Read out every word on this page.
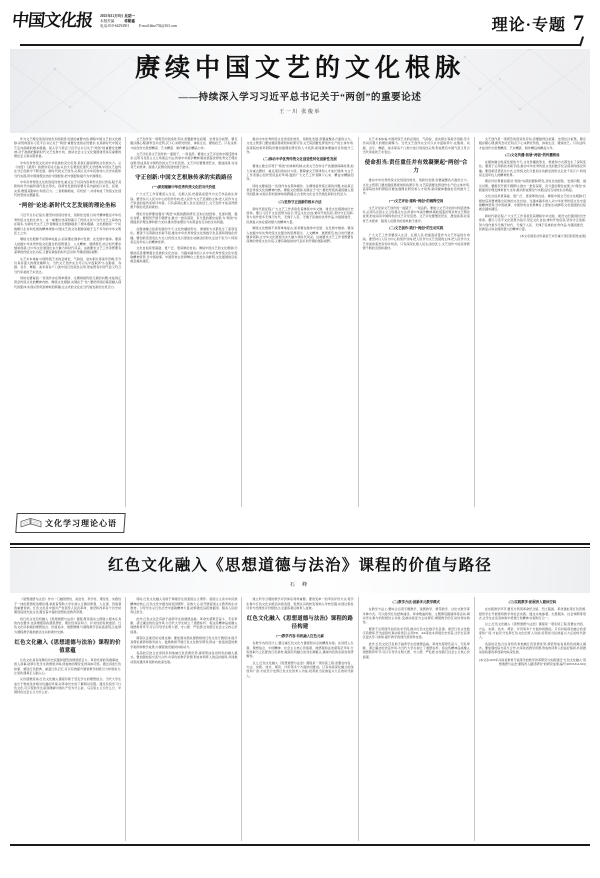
中国文化报 2025年12月8日 星期一
本版责编	蒋繁鑫
电话:010-64294501	E-mail:blue702@163.com	理论·专题 7
赓续中国文艺的文化根脉
——持续深入学习习近平总书记关于“两创”的重要论述
王一川 张俊举

作为文艺理论创造性转化和创新性发展的重要内容,赓续中国文艺的文化根脉,是贯彻落实习近平总书记关于“两创”重要论述的必然要求,也是新时代中国文艺走向高峰的根本遵循。深入学习领会习近平总书记关于“两创”的重要论述精神,对于准确把握新时代文艺发展方向、推动社会主义文化强国建设具有重要的理论意义和实践价值。

中华优秀传统文化是中华民族的突出优势,是我们最深厚的文化软实力。从《诗经》《楚辞》到唐诗宋词元曲,从四大名著到近现代文学经典,中国文艺始终在守正创新中不断发展。新时代的文艺创作,必须立足中华民族伟大历史实践和当代实践,用中国道理总结好中国经验,把中国经验提升为中国理论。

中华优秀传统文化的创造性转化,重点在于对其内容和形式加以改造,赋予其新的时代内涵和现代表达形式。创新性发展则是要对其内涵加以补充、拓展、完善,增强其影响力和感召力。二者相辅相成、有机统一,共同构成了传统文化现代转型的完整路径。

“两创”论述:新时代文艺发展的理论坐标

习近平总书记指出,要坚持创造性转化、创新性发展,以时代精神激活中华优秀传统文化的生命力。这一重要论述深刻揭示了传统文化与当代文艺之间的内在联系,为新时代文艺工作者赓续文化根脉提供了根本遵循。文化根脉是一个民族赖以生存和发展的精神命脉,中国文艺的文化根脉深植于五千多年的中华文明沃土之中。

赓续文化根脉不是简单地复古,而是要在继承中发展、在发展中继承。要深入挖掘中华优秀传统文化蕴含的思想观念、人文精神、道德规范,结合时代要求继承创新,让中华文化展现出永久魅力和时代风采。这就要求文艺工作者既要有深厚的传统文化功底,又要有敏锐的时代意识和开阔的国际视野。

从艺术本体看,中国传统艺术的意境论、气韵说、虚实相生等美学范畴,至今仍具有强大的理论阐释力。当代文艺创作完全可以从中汲取养分,在影视、戏剧、音乐、舞蹈、美术等各个门类中进行创造性运用,形成既有中国气派又符合当代审美的艺术表达。

同时也要看到,一些创作存在简单模仿、生硬嫁接传统元素的问题,未能真正领会传统文化的精神内核。赓续文化根脉,关键在于“化”,要把传统的基因融入现代的肌体,实现从形似到神似的跨越,让古老的文化在当代焕发新的生机活力。

文艺创作是一项艰苦的创造性劳动,需要耐得住寂寞、坐得住冷板凳。要克服浮躁心理,摒弃急功近利,沉下心来研究传统、体验生活、锤炼技艺。只有这样,才能创作出思想精深、艺术精湛、制作精良的精品力作。

文艺评论是文艺创作的一面镜子、一剂良药。要建立文艺评论的中国话语体系,运用马克思主义立场观点方法,传承中华美学精神,吸收借鉴世界优秀文艺理论成果,形成具有中国特色的文艺评论话语。文艺评论要褒优贬劣、激浊扬清,对违背艺术规律、脱离人民群众的现象敢于批评。

守正创新:中国文艺根脉传承的实践路径
(一)深刻理解中华优秀传统文化的当代价值

广大文艺工作者要深入生活、扎根人民,把提高质量作为文艺作品的生命线。要坚持以人民为中心的创作导向,把人民作为文艺表现的主体,把人民作为文艺审美的鉴赏家和评判者。只有深深扎根人民生活的沃土,文艺创作才能获得源源不断的灵感和素材。

理论评论界要加强对“两创”实践的跟踪研究,及时总结经验、发现问题、提出对策。要组织开展专题研讨,推出一批有深度、有分量的理论成果,为“两创”实践提供学理支撑和智力支持,推动形成理论与实践良性互动的生动局面。

在媒体融合纵深发展的今天,文化传播的形态、渠道和方式都发生了深刻变化。要善于运用新技术新手段,推动中华优秀传统文化的数字化呈现和网络化传播。要创新话语表达方式,让传统文化以更加生动鲜活的形式走进千家万户,特别是走进年轻人的精神世界。

文化自信是更基础、更广泛、更深厚的自信。赓续中国文艺的文化根脉,归根结底是要增强全民族的文化自信。当越来越多的人从中华优秀传统文化中汲取精神营养,当中国故事、中国形象在世界舞台上更加生动鲜明,文化强国的目标就会越来越近。

推动中华优秀传统文化创造性转化、创新性发展,需要凝聚各方面的合力。文化主管部门要加强统筹规划和政策引导,文艺院团要发挥创作生产的主体作用,高等院校和科研院所要加强理论研究和人才培养,新闻媒体要做好宣传推介工作。

(二)推动中华优秀传统文化创造性转化创新性发展

要建立健全有利于“两创”的体制机制,完善文艺创作生产的激励保障政策,加大对重点题材、重点项目的扶持力度。要尊重文艺规律和人才成长规律,为文艺工作者潜心创作营造良好环境,鼓励广大文艺工作者静下心来、精益求精搞创作。

同时也要看到,一些创作存在简单模仿、生硬嫁接传统元素的问题,未能真正领会传统文化的精神内核。赓续文化根脉,关键在于“化”,要把传统的基因融入现代的肌体,实现从形似到神似的跨越,让古老的文化在当代焕发新的生机活力。

(三)坚持守正创新的根本方法

新时代新征程,广大文艺工作者肩负着赓续中华文脉、建设文化强国的历史使命。要以习近平文化思想为指引,坚定文化自信,秉持开放包容,坚持守正创新,努力创作更多无愧于时代、无愧于人民、无愧于民族的优秀作品,为强国建设、民族复兴伟业提供强大的精神力量。

赓续文化根脉不是简单地复古,而是要在继承中发展、在发展中继承。要深入挖掘中华优秀传统文化蕴含的思想观念、人文精神、道德规范,结合时代要求继承创新,让中华文化展现出永久魅力和时代风采。这就要求文艺工作者既要有深厚的传统文化功底,又要有敏锐的时代意识和开阔的国际视野。

从艺术本体看,中国传统艺术的意境论、气韵说、虚实相生等美学范畴,至今仍具有强大的理论阐释力。当代文艺创作完全可以从中汲取养分,在影视、戏剧、音乐、舞蹈、美术等各个门类中进行创造性运用,形成既有中国气派又符合当代审美的艺术表达。

使命担当:责任重任并有效凝聚起“两创”合力

推动中华优秀传统文化创造性转化、创新性发展,需要凝聚各方面的合力。文化主管部门要加强统筹规划和政策引导,文艺院团要发挥创作生产的主体作用,高等院校和科研院所要加强理论研究和人才培养,新闻媒体要做好宣传推介工作。

(一)文艺评论:建构“两创”的阐释空间

文艺评论是文艺创作的一面镜子、一剂良药。要建立文艺评论的中国话语体系,运用马克思主义立场观点方法,传承中华美学精神,吸收借鉴世界优秀文艺理论成果,形成具有中国特色的文艺评论话语。文艺评论要褒优贬劣、激浊扬清,对违背艺术规律、脱离人民群众的现象敢于批评。

(二)文艺创作:践行“两创”的生动实践

广大文艺工作者要深入生活、扎根人民,把提高质量作为文艺作品的生命线。要坚持以人民为中心的创作导向,把人民作为文艺表现的主体,把人民作为文艺审美的鉴赏家和评判者。只有深深扎根人民生活的沃土,文艺创作才能获得源源不断的灵感和素材。

文艺创作是一项艰苦的创造性劳动,需要耐得住寂寞、坐得住冷板凳。要克服浮躁心理,摒弃急功近利,沉下心来研究传统、体验生活、锤炼技艺。只有这样,才能创作出思想精深、艺术精湛、制作精良的精品力作。

(三)文化传播:拓展“两创”的传播格局

在媒体融合纵深发展的今天,文化传播的形态、渠道和方式都发生了深刻变化。要善于运用新技术新手段,推动中华优秀传统文化的数字化呈现和网络化传播。要创新话语表达方式,让传统文化以更加生动鲜活的形式走进千家万户,特别是走进年轻人的精神世界。

理论评论界要加强对“两创”实践的跟踪研究,及时总结经验、发现问题、提出对策。要组织开展专题研讨,推出一批有深度、有分量的理论成果,为“两创”实践提供学理支撑和智力支持,推动形成理论与实践良性互动的生动局面。

文化自信是更基础、更广泛、更深厚的自信。赓续中国文艺的文化根脉,归根结底是要增强全民族的文化自信。当越来越多的人从中华优秀传统文化中汲取精神营养,当中国故事、中国形象在世界舞台上更加生动鲜明,文化强国的目标就会越来越近。

新时代新征程,广大文艺工作者肩负着赓续中华文脉、建设文化强国的历史使命。要以习近平文化思想为指引,坚定文化自信,秉持开放包容,坚持守正创新,努力创作更多无愧于时代、无愧于人民、无愧于民族的优秀作品,为强国建设、民族复兴伟业提供强大的精神力量。

(本文系国家社科基金艺术学重大项目阶段性成果)

文化学习理论心语
红色文化融入《思想道德与法治》课程的价值与路径
石 峰

《思想道德与法治》作为一门融思想性、政治性、科学性、理论性、实践性于一体的思想政治理论课,承担着帮助大学生树立正确世界观、人生观、价值观的重要使命。红色文化是中国共产党领导人民在革命、建设和改革各个历史时期创造的先进文化,蕴含着丰富的思想政治教育资源。

将红色文化有机融入《思想道德与法治》课程,既是落实立德树人根本任务的内在要求,也是增强思政课思想性、理论性和亲和力、针对性的有效途径。红色文化所承载的理想信念、价值追求、道德情操,与课程教学目标高度契合,能够为课程教学提供鲜活生动的素材支撑。

红色文化融入《思想道德与法治》课程的价值意蕴

红色文化具有深厚的历史底蕴和强烈的情感感召力。革命先辈的英雄事迹、感人故事,能够引发学生的情感共鸣,使抽象的理论变得具体可感。通过讲述红色故事、解读红色经典、重温红色记忆,可以有效提升课堂教学的吸引力和感染力,让思政课真正入脑入心。

从价值维度看,红色文化融入课程有助于坚定学生的理想信念。当代大学生成长于物质条件相对优越的环境,对革命历史的了解相对有限。通过系统学习红色文化,可以帮助学生深刻理解中国共产党为什么能、马克思主义为什么行、中国特色社会主义为什么好。

同时,红色文化融入有助于厚植学生的爱国主义情怀。爱国主义是中华民族精神的核心,红色文化中蕴含的家国情怀、民族大义,是开展爱国主义教育的生动教材。引导学生从红色历史中汲取精神力量,能够激发其报效祖国、服务人民的责任担当。

此外,红色文化还有助于涵养学生的道德品格。革命先辈艰苦奋斗、无私奉献、清正廉洁的优良作风,为当代大学生树立了道德标杆。将这些精神品质融入道德教育环节,可以引导学生明大德、守公德、严私德,自觉践行社会主义核心价值观。

师资队伍建设是关键支撑。要加强对思政课教师的红色文化专题培训,提升其理论素养和教学能力。鼓励教师开展红色文化教学研究,形成一批高质量的教学案例和教学成果,为课程建设提供持续动力。

各高校应结合自身特色和地域红色资源优势,探索形成各具特色的融入模式。要加强校际交流与合作,共享优质教学资源,形成协同育人的良好格局,共同推动思政课改革创新向纵深发展。

建立科学合理的教学评价体系同样重要。要改变单一的考试评价方式,将学生参与红色文化实践活动的表现、思想认识的转变等纳入考核范围,实现过程性评价与结果性评价相结合,全面客观反映育人成效。

红色文化融入《思想道德与法治》课程的路径构建
(一)教学内容:有机融入红色元素

在教学内容设计上,要注重红色文化与课程知识点的精准对接。在讲授人生观、理想信念、中国精神、社会主义核心价值观、道德观和法治观等章节时,分别选取与之匹配的红色素材,做到有机融合而非生硬植入,确保内容的系统性和逻辑性。

总之,红色文化融入《思想道德与法治》课程是一项系统工程,需要在内容、方法、实践、技术、师资、评价等多个方面协同推进。只有持续深化融合的深度和广度,才能充分发挥红色文化的育人功能,培养担当民族复兴大任的时代新人。

(二)教学方法:创新多元教学模式

在教学方法上,要综合运用专题教学、案例教学、情景教学、讨论式教学等多种方式。可以组织红色经典诵读、革命歌曲传唱、主题情景剧演绎等活动,调动学生参与的积极性主动性,变被动接受为主动探究,增强教学的互动性和实效性。

要善于运用现代信息技术手段,推动红色文化数字化呈现。建设红色文化数字资源库,开发虚拟仿真实验项目,运用VR、AR等技术再现历史场景,让学生获得沉浸式学习体验,提升教学的现代感和科技感。

此外,红色文化还有助于涵养学生的道德品格。革命先辈艰苦奋斗、无私奉献、清正廉洁的优良作风,为当代大学生树立了道德标杆。将这些精神品质融入道德教育环节,可以引导学生明大德、守公德、严私德,自觉践行社会主义核心价值观。

(三)实践教学:拓展育人载体空间

在实践教学环节,要充分利用革命纪念馆、烈士陵园、革命遗址等红色资源,组织学生开展现场教学和社会实践。通过实地参观、志愿服务、社会调研等形式,让学生在亲身体验中感悟红色精神,实现知行合一。

总之,红色文化融入《思想道德与法治》课程是一项系统工程,需要在内容、方法、实践、技术、师资、评价等多个方面协同推进。只有持续深化融合的深度和广度,才能充分发挥红色文化的育人功能,培养担当民族复兴大任的时代新人。

各高校应结合自身特色和地域红色资源优势,探索形成各具特色的融入模式。要加强校际交流与合作,共享优质教学资源,形成协同育人的良好格局,共同推动思政课改革创新向纵深发展。

(本文系2025年河南省教育厅高等学校教学改革研究与实践项目“红色文化融入‘思想道德与法治’课程育人路径研究”的研究成果,编号:2025SJGLX01)
